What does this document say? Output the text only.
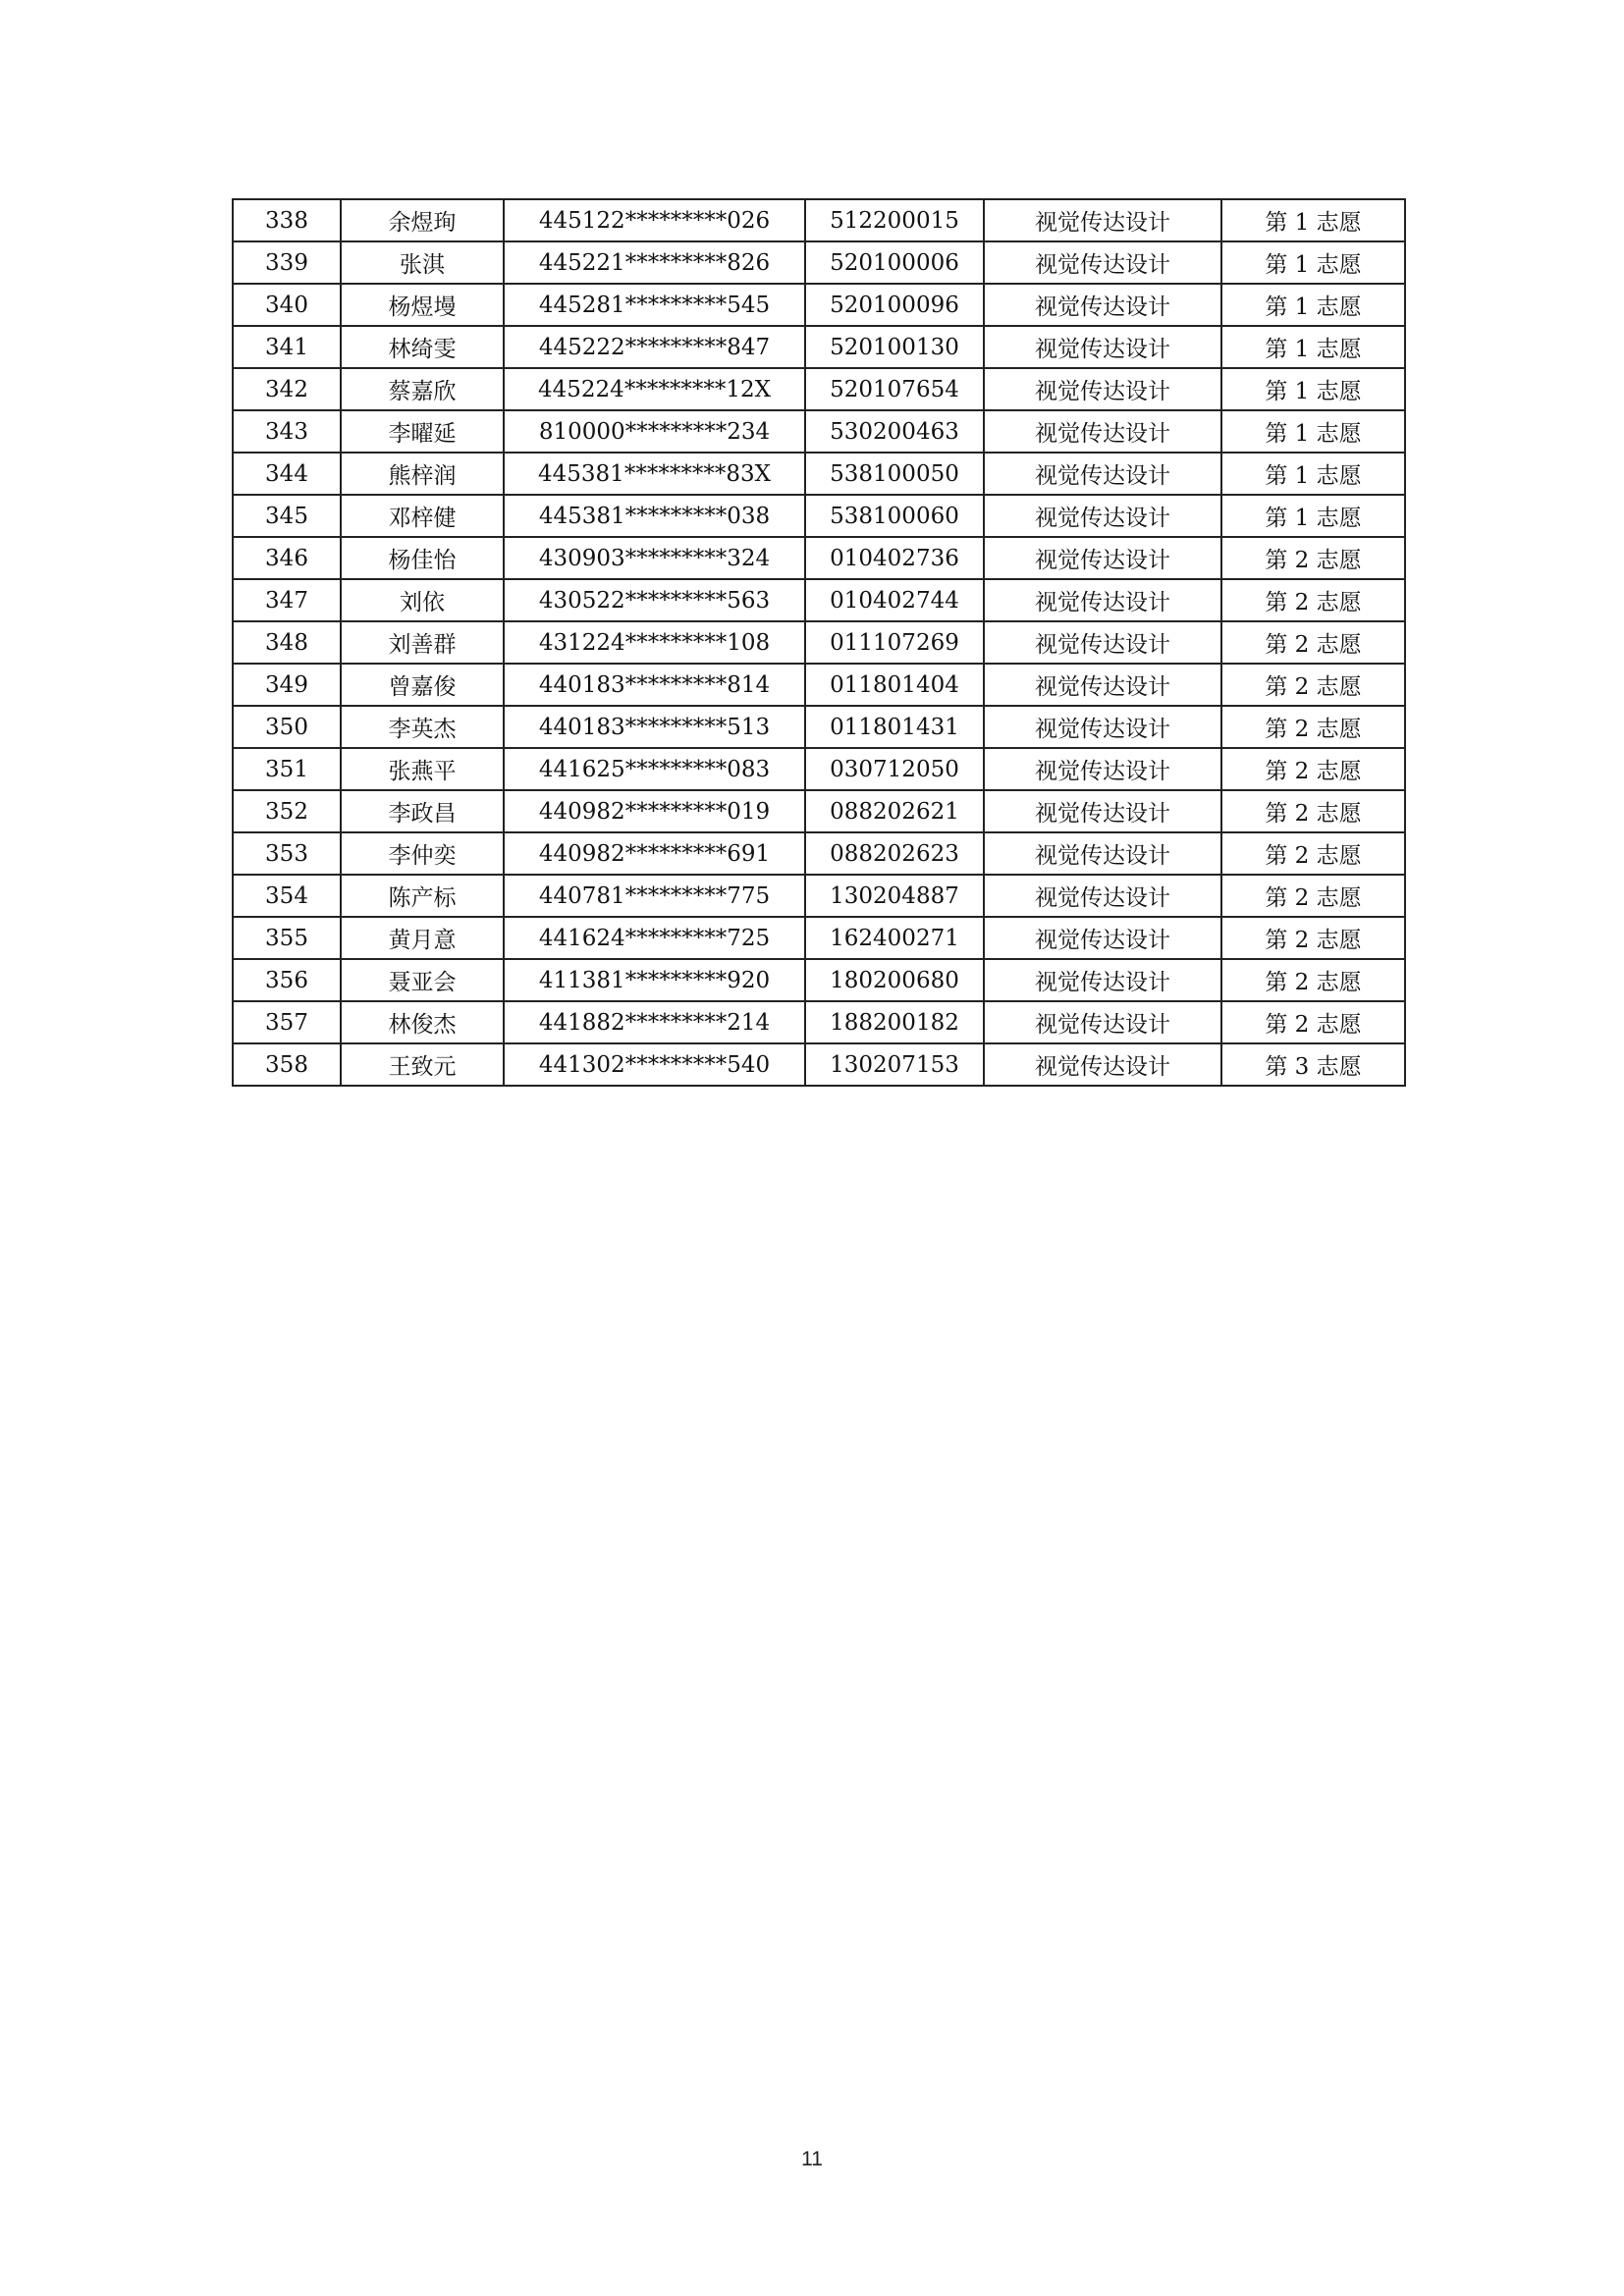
338	余煜珣	445122*********026	512200015	视觉传达设计	第 1 志愿
339	张淇	445221*********826	520100006	视觉传达设计	第 1 志愿
340	杨煜墁	445281*********545	520100096	视觉传达设计	第 1 志愿
341	林绮雯	445222*********847	520100130	视觉传达设计	第 1 志愿
342	蔡嘉欣	445224*********12X	520107654	视觉传达设计	第 1 志愿
343	李曜延	810000*********234	530200463	视觉传达设计	第 1 志愿
344	熊梓润	445381*********83X	538100050	视觉传达设计	第 1 志愿
345	邓梓健	445381*********038	538100060	视觉传达设计	第 1 志愿
346	杨佳怡	430903*********324	010402736	视觉传达设计	第 2 志愿
347	刘依	430522*********563	010402744	视觉传达设计	第 2 志愿
348	刘善群	431224*********108	011107269	视觉传达设计	第 2 志愿
349	曾嘉俊	440183*********814	011801404	视觉传达设计	第 2 志愿
350	李英杰	440183*********513	011801431	视觉传达设计	第 2 志愿
351	张燕平	441625*********083	030712050	视觉传达设计	第 2 志愿
352	李政昌	440982*********019	088202621	视觉传达设计	第 2 志愿
353	李仲奕	440982*********691	088202623	视觉传达设计	第 2 志愿
354	陈产标	440781*********775	130204887	视觉传达设计	第 2 志愿
355	黄月意	441624*********725	162400271	视觉传达设计	第 2 志愿
356	聂亚会	411381*********920	180200680	视觉传达设计	第 2 志愿
357	林俊杰	441882*********214	188200182	视觉传达设计	第 2 志愿
358	王致元	441302*********540	130207153	视觉传达设计	第 3 志愿
11
